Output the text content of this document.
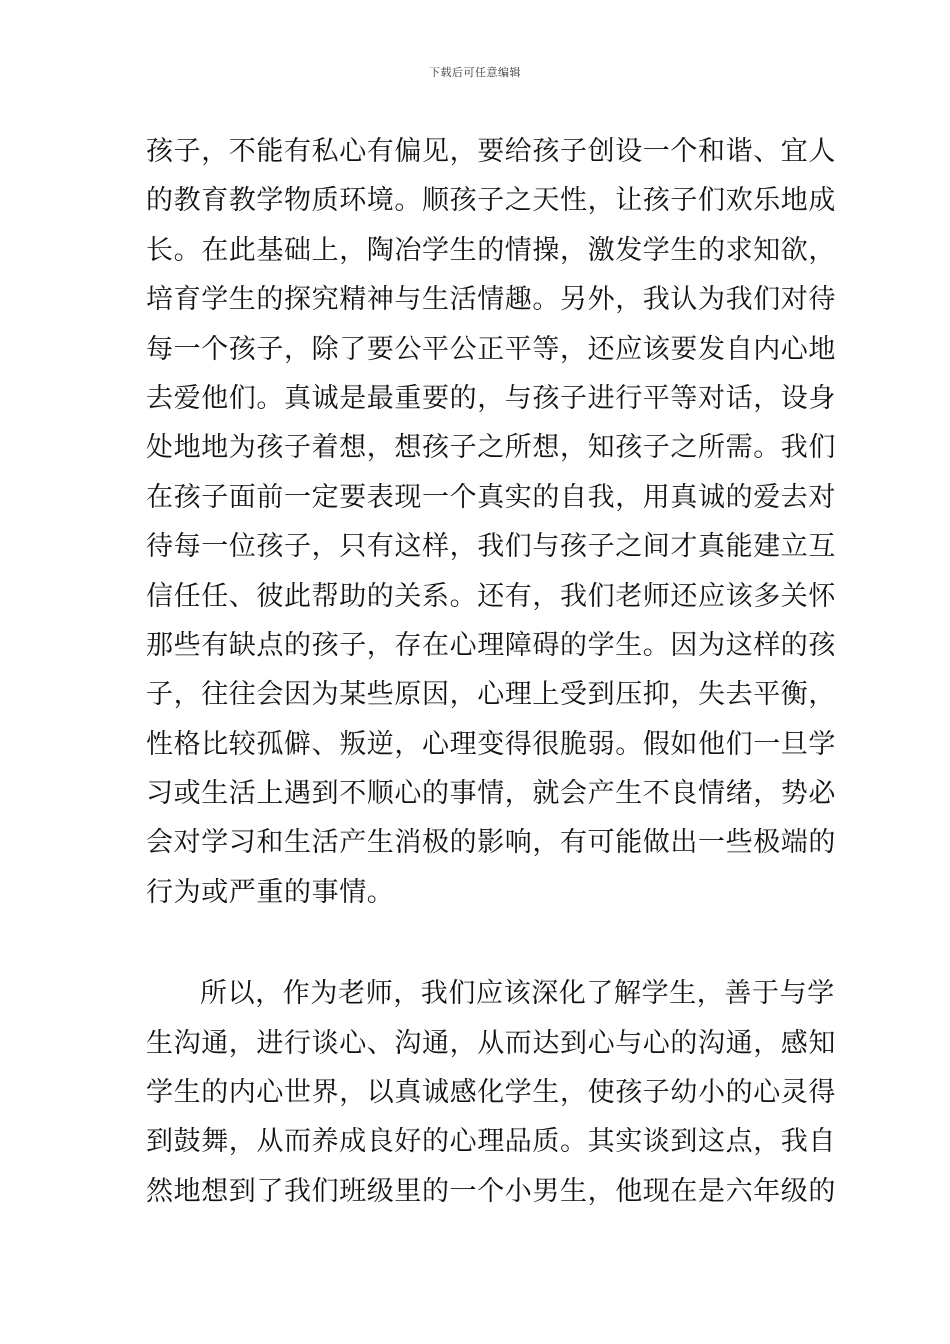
下载后可任意编辑
孩子，不能有私心有偏见，要给孩子创设一个和谐、宜人
的教育教学物质环境。顺孩子之天性，让孩子们欢乐地成
长。在此基础上，陶冶学生的情操，激发学生的求知欲，
培育学生的探究精神与生活情趣。另外，我认为我们对待
每一个孩子，除了要公平公正平等，还应该要发自内心地
去爱他们。真诚是最重要的，与孩子进行平等对话，设身
处地地为孩子着想，想孩子之所想，知孩子之所需。我们
在孩子面前一定要表现一个真实的自我，用真诚的爱去对
待每一位孩子，只有这样，我们与孩子之间才真能建立互
信任任、彼此帮助的关系。还有，我们老师还应该多关怀
那些有缺点的孩子，存在心理障碍的学生。因为这样的孩
子，往往会因为某些原因，心理上受到压抑，失去平衡，
性格比较孤僻、叛逆，心理变得很脆弱。假如他们一旦学
习或生活上遇到不顺心的事情，就会产生不良情绪，势必
会对学习和生活产生消极的影响，有可能做出一些极端的
行为或严重的事情。
所以，作为老师，我们应该深化了解学生，善于与学
生沟通，进行谈心、沟通，从而达到心与心的沟通，感知
学生的内心世界，以真诚感化学生，使孩子幼小的心灵得
到鼓舞，从而养成良好的心理品质。其实谈到这点，我自
然地想到了我们班级里的一个小男生，他现在是六年级的
